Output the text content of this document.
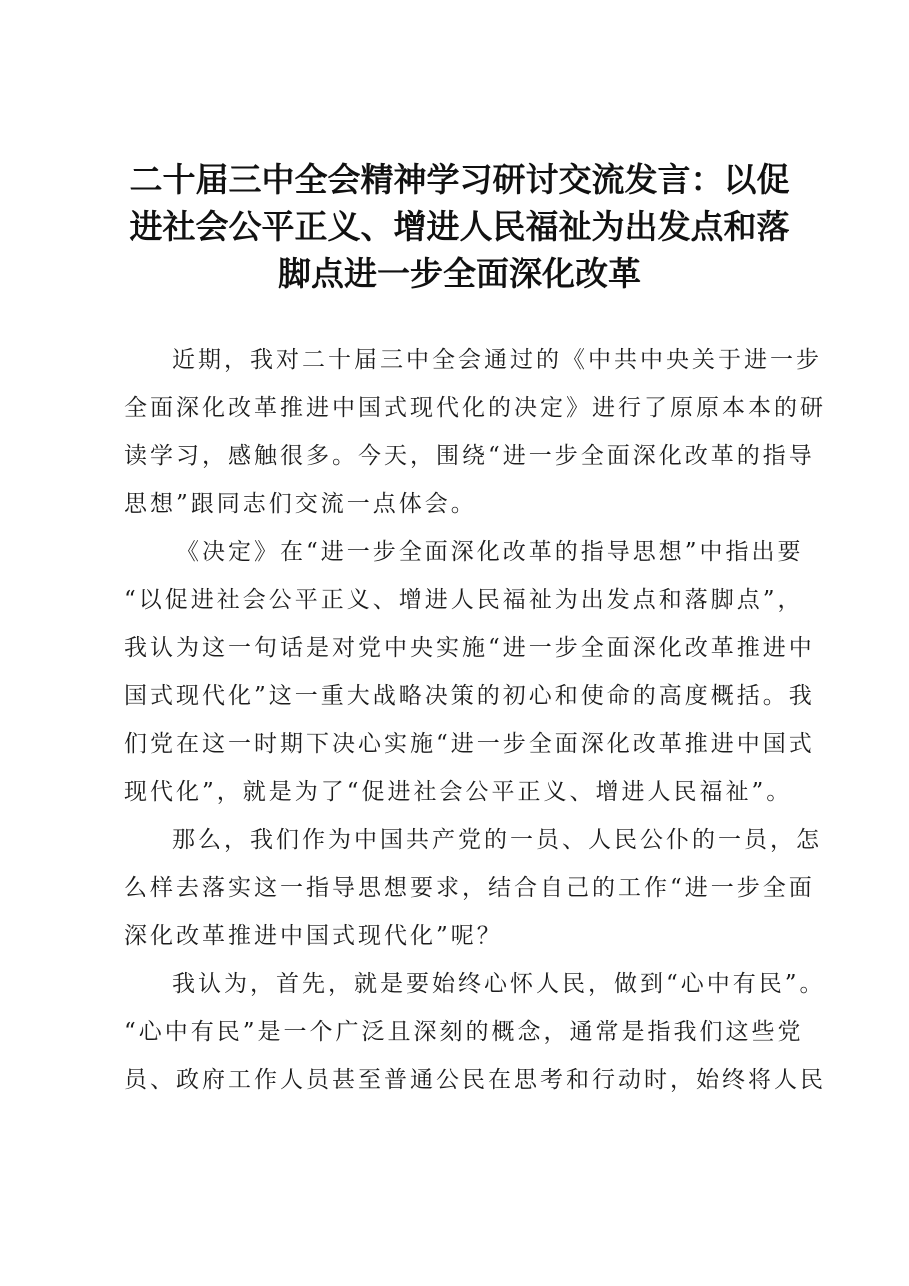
二十届三中全会精神学习研讨交流发言：以促
进社会公平正义、增进人民福祉为出发点和落
脚点进一步全面深化改革
近期，我对二十届三中全会通过的《中共中央关于进一步
全面深化改革推进中国式现代化的决定》进行了原原本本的研
读学习，感触很多。今天，围绕“进一步全面深化改革的指导
思想”跟同志们交流一点体会。
《决定》在“进一步全面深化改革的指导思想”中指出要
“以促进社会公平正义、增进人民福祉为出发点和落脚点”，
我认为这一句话是对党中央实施“进一步全面深化改革推进中
国式现代化”这一重大战略决策的初心和使命的高度概括。我
们党在这一时期下决心实施“进一步全面深化改革推进中国式
现代化”，就是为了“促进社会公平正义、增进人民福祉”。
那么，我们作为中国共产党的一员、人民公仆的一员，怎
么样去落实这一指导思想要求，结合自己的工作“进一步全面
深化改革推进中国式现代化”呢？
我认为，首先，就是要始终心怀人民，做到“心中有民”。
“心中有民”是一个广泛且深刻的概念，通常是指我们这些党
员、政府工作人员甚至普通公民在思考和行动时，始终将人民
